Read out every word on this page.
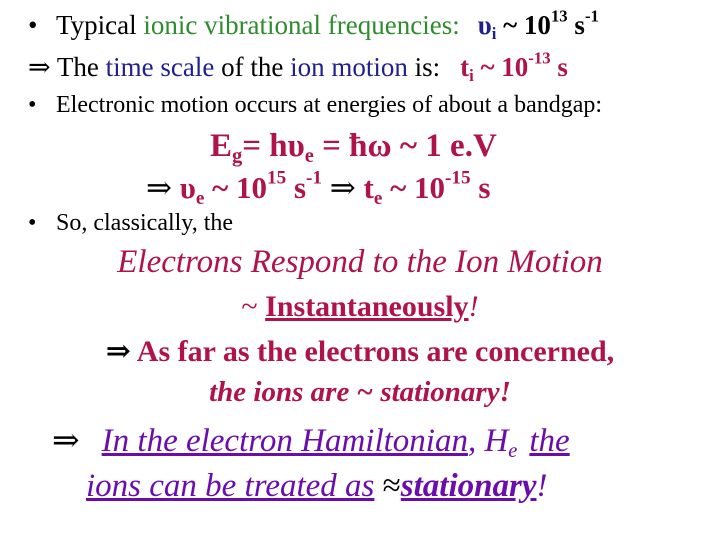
• Typical ionic vibrational frequencies: $\upsilon_i$ ~ $10^{13}$ $s^{-1}$
⇒ The time scale of the ion motion is: $t_i$ ~ $10^{-13}$ s
• Electronic motion occurs at energies of about a bandgap:
$E_g= h\upsilon_e$ = ħω ~ 1 e.V
⇒ $\upsilon_e$ ~ $10^{15}$ $s^{-1}$ ⇒ $t_e$ ~ $10^{-15}$ s
• So, classically, the
Electrons Respond to the Ion Motion
~ Instantaneously!
⇒ As far as the electrons are concerned,
the ions are ~ stationary!
⇒ In the electron Hamiltonian, $H_e$ the
ions can be treated as ≈stationary!
